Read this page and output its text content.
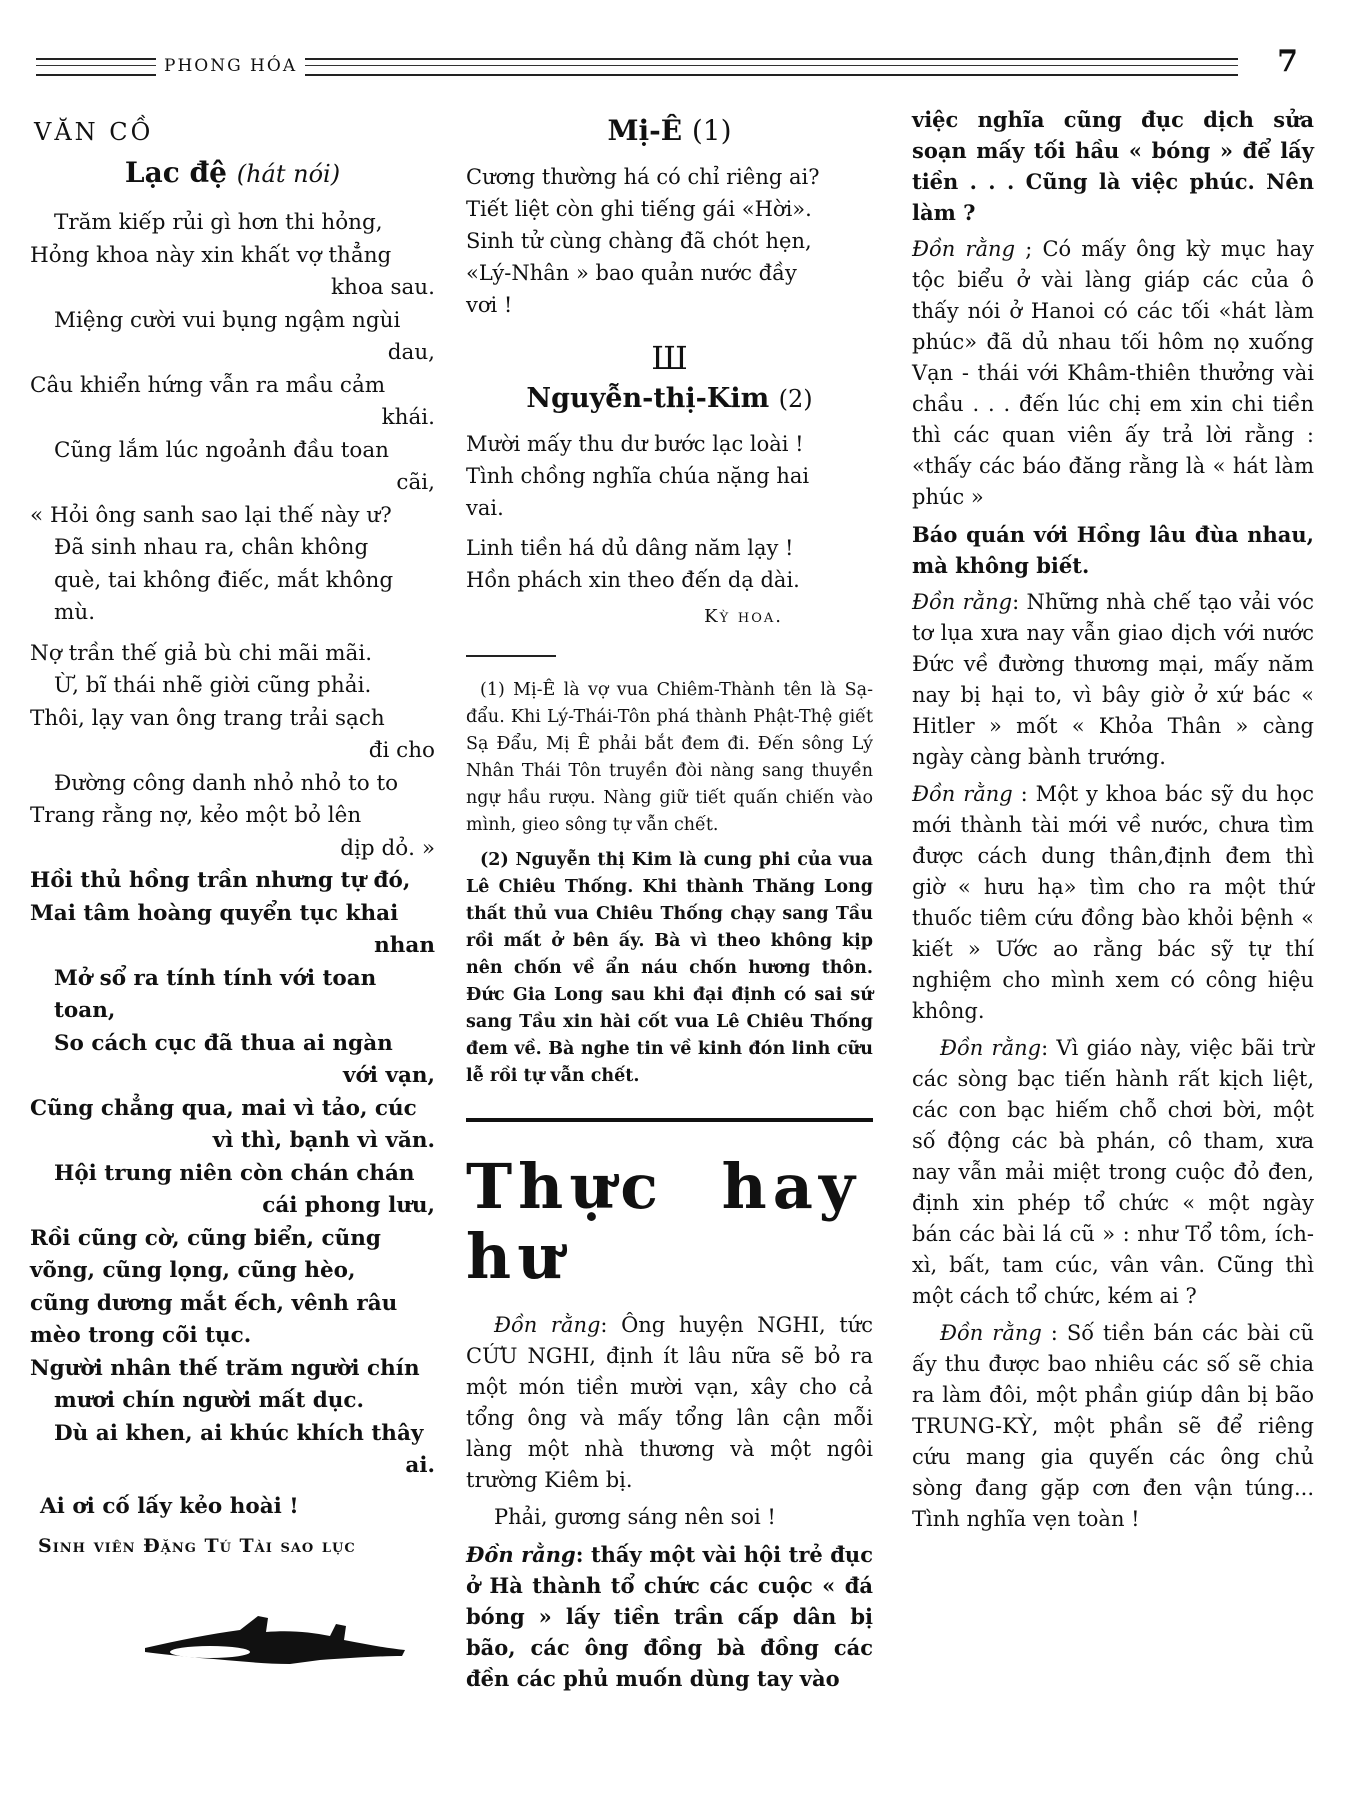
PHONG HÓA	7
VĂN CỒ
Lạc đệ (hát nói)

Trăm kiếp rủi gì hơn thi hỏng,

Hỏng khoa này xin khất vợ thẳng

khoa sau.

Miệng cười vui bụng ngậm ngùi

dau,

Câu khiển hứng vẫn ra mầu cảm

khái.

Cũng lắm lúc ngoảnh đầu toan

cãi,

« Hỏi ông sanh sao lại thế này ư?

Đã sinh nhau ra, chân không

què, tai không điếc, mắt không

mù.

Nợ trần thế giả bù chi mãi mãi.

Ừ, bĩ thái nhẽ giời cũng phải.

Thôi, lạy van ông trang trải sạch

đi cho

Đường công danh nhỏ nhỏ to to

Trang rằng nợ, kẻo một bỏ lên

dịp dỏ. »

Hồi thủ hồng trần nhưng tự đó,

Mai tâm hoàng quyển tục khai

nhan

Mở sổ ra tính tính với toan toan,

So cách cục đã thua ai ngàn

với vạn,

Cũng chẳng qua, mai vì tảo, cúc

vì thì, bạnh vì văn.

Hội trung niên còn chán chán

cái phong lưu,

Rồi cũng cờ, cũng biển, cũng

võng, cũng lọng, cũng hèo,

cũng dương mắt ếch, vênh râu

mèo trong cõi tục.

Người nhân thế trăm người chín

mươi chín người mất dục.

Dù ai khen, ai khúc khích thây

ai.

Ai ơi cố lấy kẻo hoài !

Sinh viên Đặng Tú Tài sao lục
Mị-Ê (1)

Cương thường há có chỉ riêng ai?

Tiết liệt còn ghi tiếng gái «Hời».

Sinh tử cùng chàng đã chót hẹn,

«Lý-Nhân » bao quản nước đầy

vơi !

Ш
Nguyễn-thị-Kim (2)

Mười mấy thu dư bước lạc loài !

Tình chồng nghĩa chúa nặng hai

vai.

Linh tiền há dủ dâng năm lạy !

Hồn phách xin theo đến dạ dài.

Kỳ hoa.

(1) Mị-Ê là vợ vua Chiêm-Thành tên là Sạ-đẩu. Khi Lý-Thái-Tôn phá thành Phật-Thệ giết Sạ Đẩu, Mị Ê phải bắt đem đi. Đến sông Lý Nhân Thái Tôn truyền đòi nàng sang thuyền ngự hầu rượu. Nàng giữ tiết quấn chiến vào mình, gieo sông tự vẫn chết.

(2) Nguyễn thị Kim là cung phi của vua Lê Chiêu Thống. Khi thành Thăng Long thất thủ vua Chiêu Thống chạy sang Tầu rồi mất ở bên ấy. Bà vì theo không kịp nên chốn về ẩn náu chốn hương thôn. Đức Gia Long sau khi đại định có sai sứ sang Tầu xin hài cốt vua Lê Chiêu Thống đem về. Bà nghe tin về kinh đón linh cữu lễ rồi tự vẫn chết.

Thực hay hư

Đồn rằng: Ông huyện NGHI, tức CỨU NGHI, định ít lâu nữa sẽ bỏ ra một món tiền mười vạn, xây cho cả tổng ông và mấy tổng lân cận mỗi làng một nhà thương và một ngôi trường Kiêm bị.

Phải, gương sáng nên soi !

Đồn rằng: thấy một vài hội trẻ đục ở Hà thành tổ chức các cuộc « đá bóng » lấy tiền trần cấp dân bị bão, các ông đồng bà đồng các đền các phủ muốn dùng tay vào

việc nghĩa cũng đục dịch sửa soạn mấy tối hầu « bóng » để lấy tiền . . . Cũng là việc phúc. Nên làm ?

Đồn rằng ; Có mấy ông kỳ mục hay tộc biểu ở vài làng giáp các của ô thấy nói ở Hanoi có các tối «hát làm phúc» đã dủ nhau tối hôm nọ xuống Vạn - thái với Khâm-thiên thưởng vài chầu . . . đến lúc chị em xin chi tiền thì các quan viên ấy trả lời rằng : «thấy các báo đăng rằng là « hát làm phúc »

Báo quán với Hồng lâu đùa nhau, mà không biết.

Đồn rằng: Những nhà chế tạo vải vóc tơ lụa xưa nay vẫn giao dịch với nước Đức về đường thương mại, mấy năm nay bị hại to, vì bây giờ ở xứ bác « Hitler » mốt « Khỏa Thân » càng ngày càng bành trướng.

Đồn rằng : Một y khoa bác sỹ du học mới thành tài mới về nước, chưa tìm được cách dung thân,định đem thì giờ « hưu hạ» tìm cho ra một thứ thuốc tiêm cứu đồng bào khỏi bệnh « kiết » Ước ao rằng bác sỹ tự thí nghiệm cho mình xem có công hiệu không.

Đồn rằng: Vì giáo này, việc bãi trừ các sòng bạc tiến hành rất kịch liệt, các con bạc hiếm chỗ chơi bời, một số động các bà phán, cô tham, xưa nay vẫn mải miệt trong cuộc đỏ đen, định xin phép tổ chức « một ngày bán các bài lá cũ » : như Tổ tôm, ích-xì, bất, tam cúc, vân vân. Cũng thì một cách tổ chức, kém ai ?

Đồn rằng : Số tiền bán các bài cũ ấy thu được bao nhiêu các số sẽ chia ra làm đôi, một phần giúp dân bị bão TRUNG-KỲ, một phần sẽ để riêng cứu mang gia quyến các ông chủ sòng đang gặp cơn đen vận túng... Tình nghĩa vẹn toàn !
